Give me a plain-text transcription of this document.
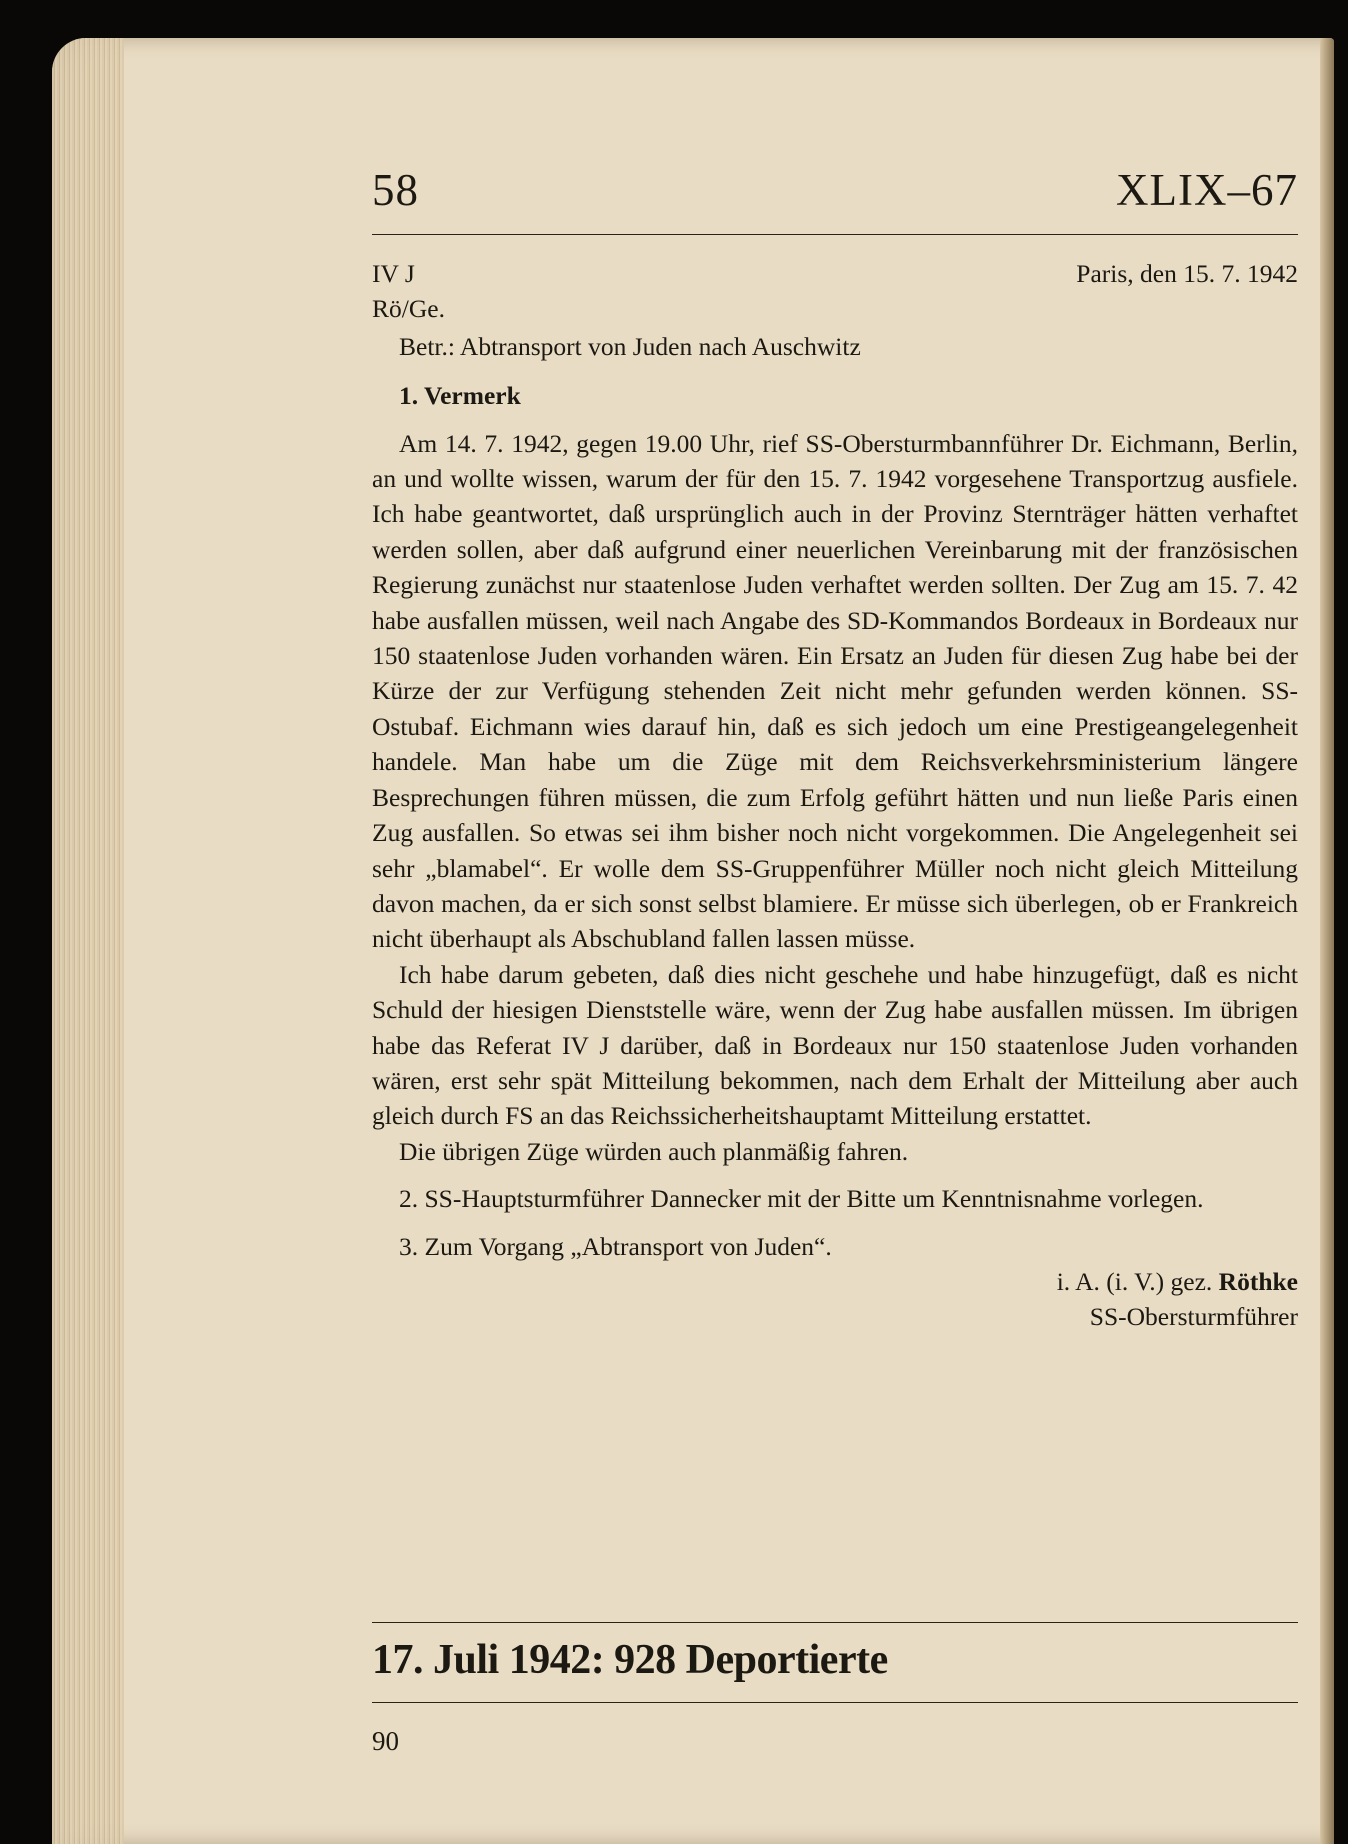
58	XLIX–67
IV J	Paris, den 15. 7. 1942
Rö/Ge.
Betr.: Abtransport von Juden nach Auschwitz
1. Vermerk

Am 14. 7. 1942, gegen 19.00 Uhr, rief SS-Obersturmbannführer Dr. Eichmann, Berlin, an und wollte wissen, warum der für den 15. 7. 1942 vorgesehene Transportzug ausfiele. Ich habe geantwortet, daß ursprünglich auch in der Provinz Sternträger hätten verhaftet werden sollen, aber daß aufgrund einer neuerlichen Vereinbarung mit der französischen Regierung zunächst nur staatenlose Juden verhaftet werden sollten. Der Zug am 15. 7. 42 habe ausfallen müssen, weil nach Angabe des SD-Kommandos Bordeaux in Bordeaux nur 150 staatenlose Juden vorhanden wären. Ein Ersatz an Juden für diesen Zug habe bei der Kürze der zur Verfügung stehenden Zeit nicht mehr gefunden werden können. SS-Ostubaf. Eichmann wies darauf hin, daß es sich jedoch um eine Prestigeangelegenheit handele. Man habe um die Züge mit dem Reichsverkehrsministerium längere Besprechungen führen müssen, die zum Erfolg geführt hätten und nun ließe Paris einen Zug ausfallen. So etwas sei ihm bisher noch nicht vorgekommen. Die Angelegenheit sei sehr „blamabel“. Er wolle dem SS-Gruppenführer Müller noch nicht gleich Mitteilung davon machen, da er sich sonst selbst blamiere. Er müsse sich überlegen, ob er Frankreich nicht überhaupt als Abschubland fallen lassen müsse.

Ich habe darum gebeten, daß dies nicht geschehe und habe hinzugefügt, daß es nicht Schuld der hiesigen Dienststelle wäre, wenn der Zug habe ausfallen müssen. Im übrigen habe das Referat IV J darüber, daß in Bordeaux nur 150 staatenlose Juden vorhanden wären, erst sehr spät Mitteilung bekommen, nach dem Erhalt der Mitteilung aber auch gleich durch FS an das Reichssicherheitshauptamt Mitteilung erstattet.

Die übrigen Züge würden auch planmäßig fahren.

2. SS-Hauptsturmführer Dannecker mit der Bitte um Kenntnisnahme vorlegen.

3. Zum Vorgang „Abtransport von Juden“.

i. A. (i. V.) gez. Röthke
SS-Obersturmführer
17. Juli 1942: 928 Deportierte
90
